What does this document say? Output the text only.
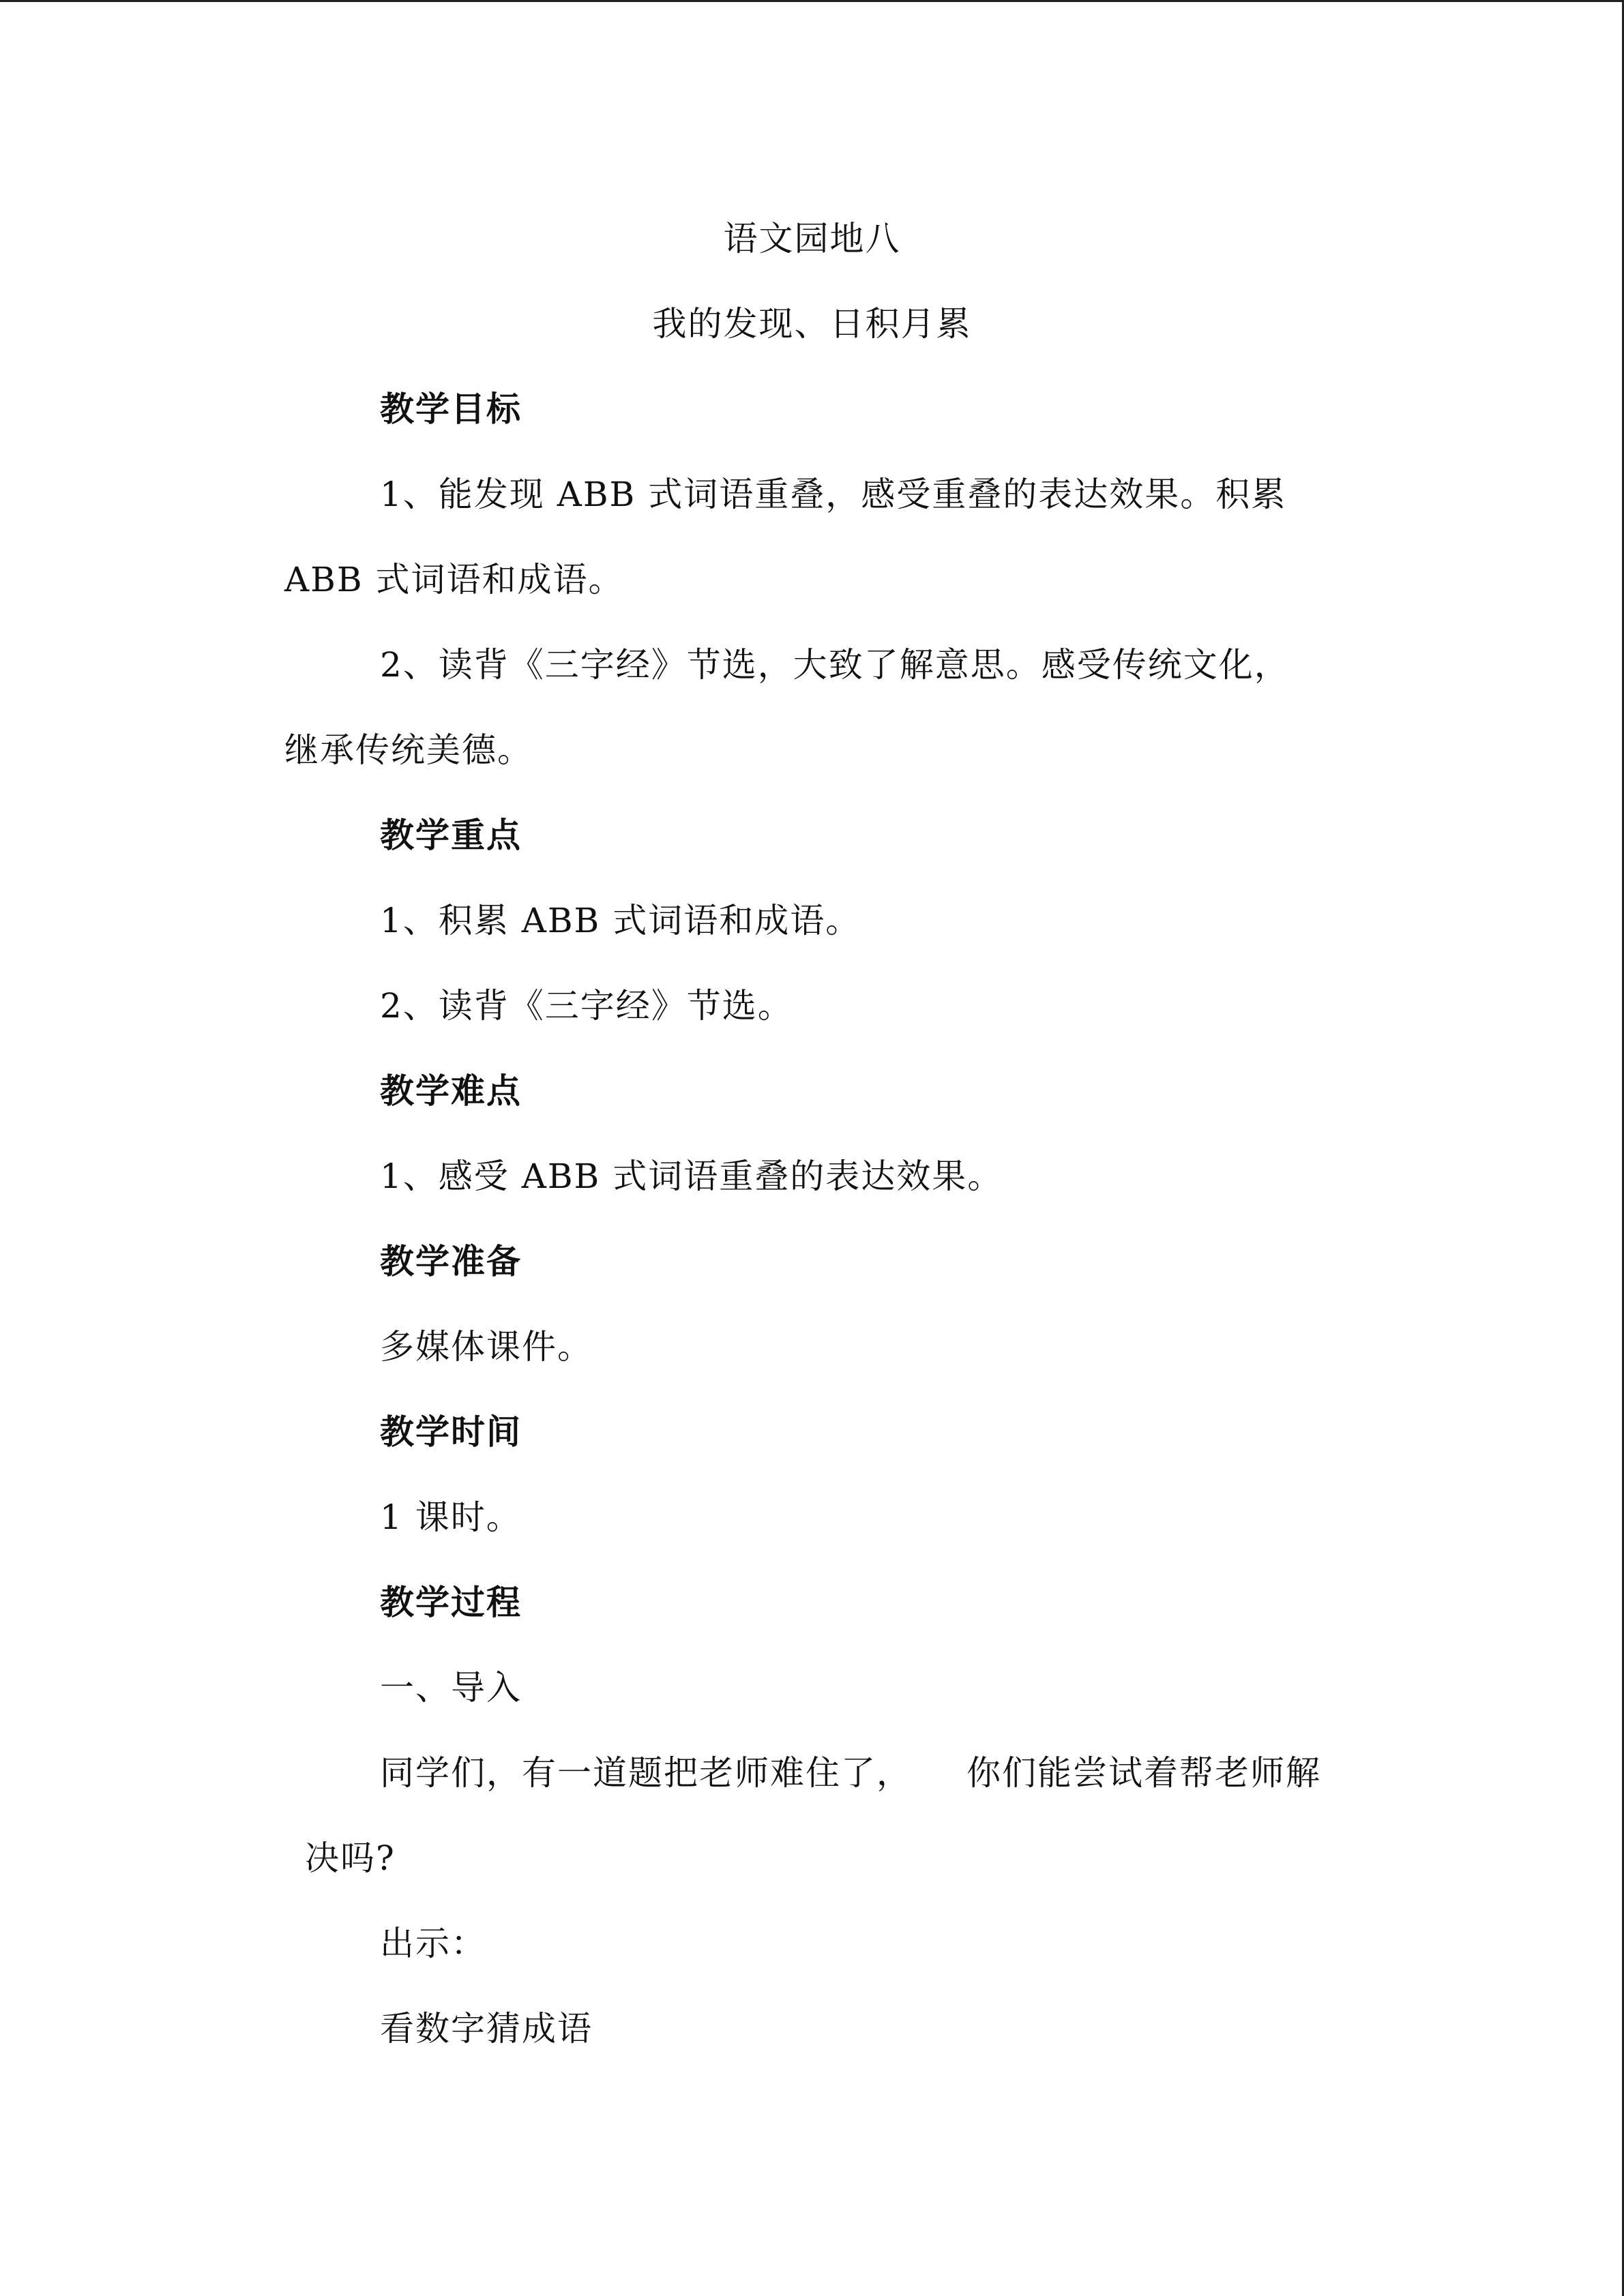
语文园地八
我的发现、日积月累
教学目标
1、能发现 ABB 式词语重叠，感受重叠的表达效果。积累
ABB 式词语和成语。
2、读背《三字经》节选，大致了解意思。感受传统文化，
继承传统美德。
教学重点
1、积累 ABB 式词语和成语。
2、读背《三字经》节选。
教学难点
1、感受 ABB 式词语重叠的表达效果。
教学准备
多媒体课件。
教学时间
1 课时。
教学过程
一、导入
同学们，有一道题把老师难住了， 你们能尝试着帮老师解
决吗?
出示：
看数字猜成语
